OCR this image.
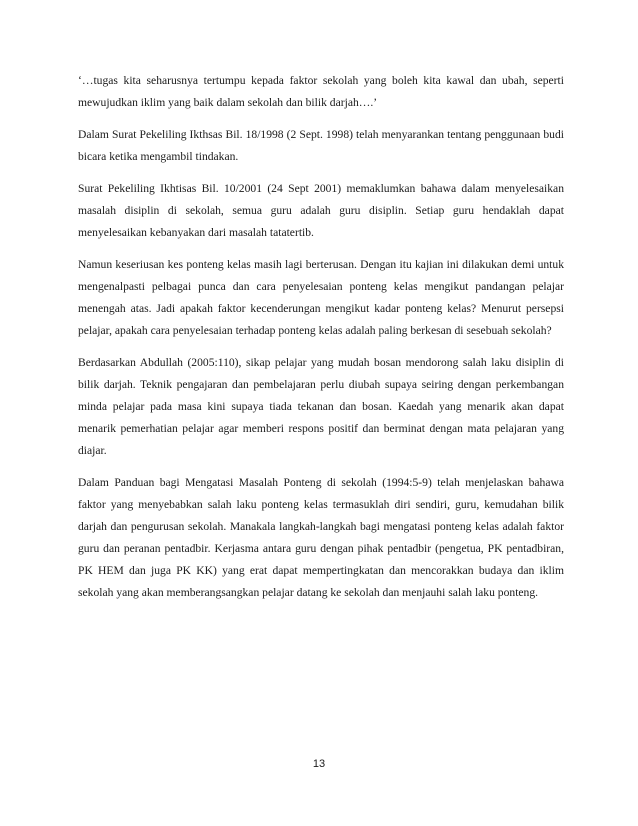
‘…tugas kita seharusnya tertumpu kepada faktor sekolah yang boleh kita kawal dan ubah, seperti mewujudkan iklim yang baik dalam sekolah dan bilik darjah….’

Dalam Surat Pekeliling Ikthsas Bil. 18/1998 (2 Sept. 1998) telah menyarankan tentang penggunaan budi bicara ketika mengambil tindakan.

Surat Pekeliling Ikhtisas Bil. 10/2001 (24 Sept 2001) memaklumkan bahawa dalam menyelesaikan masalah disiplin di sekolah, semua guru adalah guru disiplin. Setiap guru hendaklah dapat menyelesaikan kebanyakan dari masalah tatatertib.

Namun keseriusan kes ponteng kelas masih lagi berterusan. Dengan itu kajian ini dilakukan demi untuk mengenalpasti pelbagai punca dan cara penyelesaian ponteng kelas mengikut pandangan pelajar menengah atas. Jadi apakah faktor kecenderungan mengikut kadar ponteng kelas? Menurut persepsi pelajar, apakah cara penyelesaian terhadap ponteng kelas adalah paling berkesan di sesebuah sekolah?

Berdasarkan Abdullah (2005:110), sikap pelajar yang mudah bosan mendorong salah laku disiplin di bilik darjah. Teknik pengajaran dan pembelajaran perlu diubah supaya seiring dengan perkembangan minda pelajar pada masa kini supaya tiada tekanan dan bosan. Kaedah yang menarik akan dapat menarik pemerhatian pelajar agar memberi respons positif dan berminat dengan mata pelajaran yang diajar.

Dalam Panduan bagi Mengatasi Masalah Ponteng di sekolah (1994:5-9) telah menjelaskan bahawa faktor yang menyebabkan salah laku ponteng kelas termasuklah diri sendiri, guru, kemudahan bilik darjah dan pengurusan sekolah. Manakala langkah-langkah bagi mengatasi ponteng kelas adalah faktor guru dan peranan pentadbir. Kerjasma antara guru dengan pihak pentadbir (pengetua, PK pentadbiran, PK HEM dan juga PK KK) yang erat dapat mempertingkatan dan mencorakkan budaya dan iklim sekolah yang akan memberangsangkan pelajar datang ke sekolah dan menjauhi salah laku ponteng.

13
